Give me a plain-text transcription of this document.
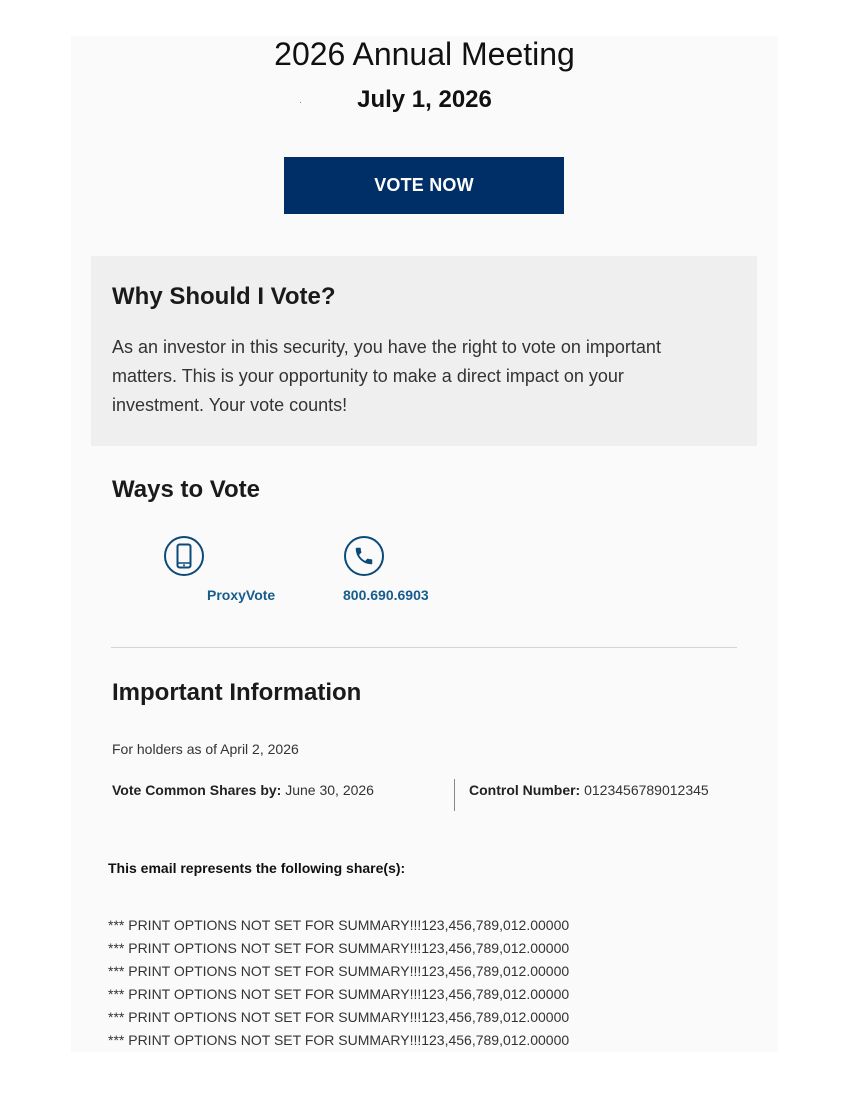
2026 Annual Meeting
July 1, 2026
VOTE NOW
Why Should I Vote?

As an investor in this security, you have the right to vote on important matters. This is your opportunity to make a direct impact on your investment. Your vote counts!

Ways to Vote
ProxyVote	800.690.6903
Important Information
For holders as of April 2, 2026
Vote Common Shares by: June 30, 2026	Control Number: 0123456789012345
This email represents the following share(s):
*** PRINT OPTIONS NOT SET FOR SUMMARY!!!123,456,789,012.00000
*** PRINT OPTIONS NOT SET FOR SUMMARY!!!123,456,789,012.00000
*** PRINT OPTIONS NOT SET FOR SUMMARY!!!123,456,789,012.00000
*** PRINT OPTIONS NOT SET FOR SUMMARY!!!123,456,789,012.00000
*** PRINT OPTIONS NOT SET FOR SUMMARY!!!123,456,789,012.00000
*** PRINT OPTIONS NOT SET FOR SUMMARY!!!123,456,789,012.00000
